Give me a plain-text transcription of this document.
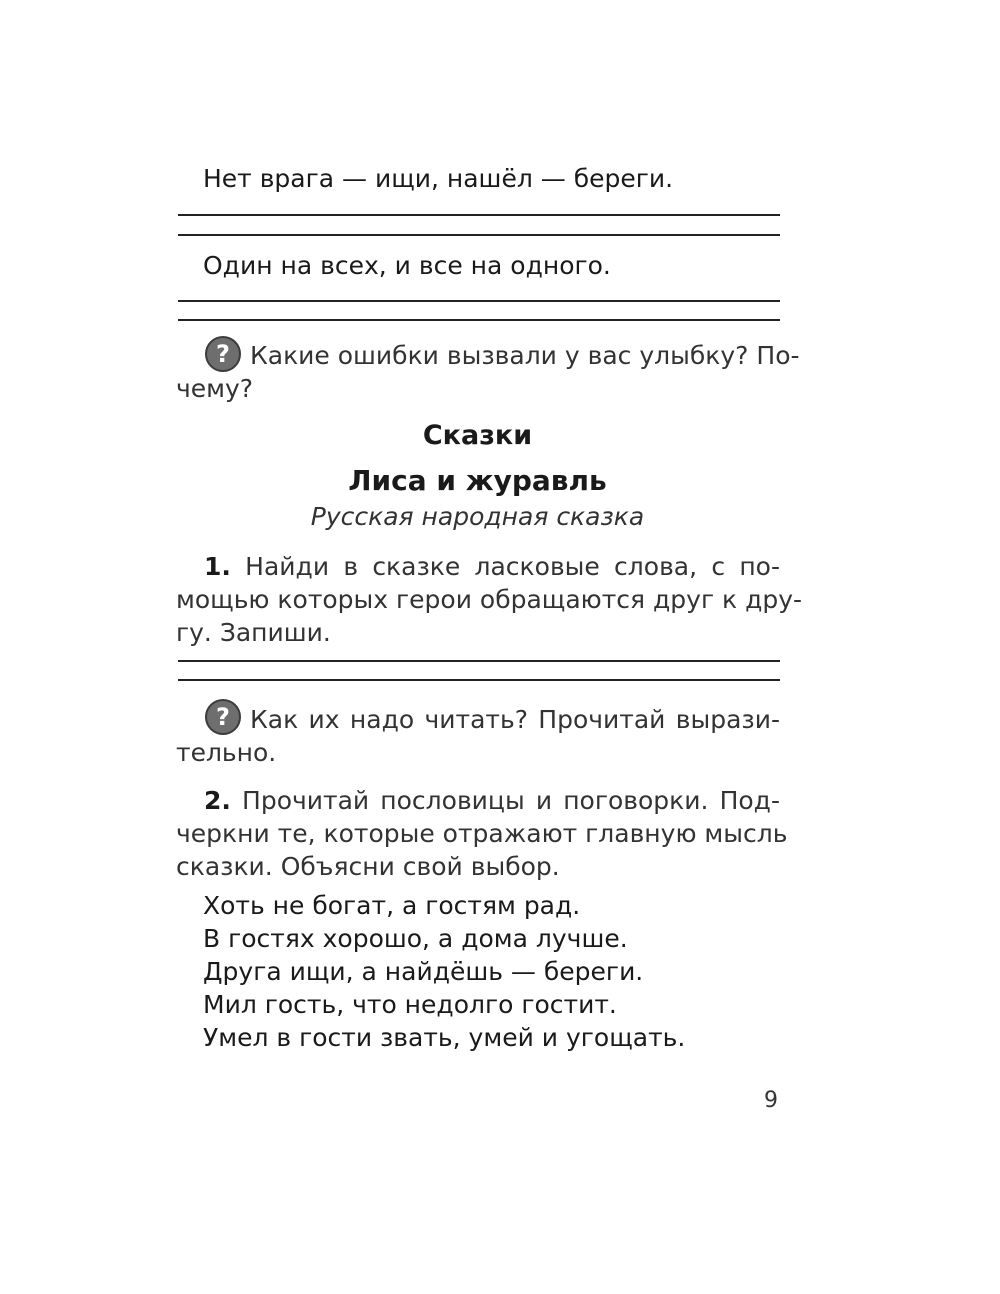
Нет врага — ищи, нашёл — береги.
Один на всех, и все на одного.
? Какие ошибки вызвали у вас улыбку? По-
чему?
Сказки
Лиса и журавль
Русская народная сказка
1. Найди в сказке ласковые слова, с по-
мощью которых герои обращаются друг к дру-
гу. Запиши.
? Как их надо читать? Прочитай вырази-
тельно.
2. Прочитай пословицы и поговорки. Под-
черкни те, которые отражают главную мысль
сказки. Объясни свой выбор.
Хоть не богат, а гостям рад.
В гостях хорошо, а дома лучше.
Друга ищи, а найдёшь — береги.
Мил гость, что недолго гостит.
Умел в гости звать, умей и угощать.
9
